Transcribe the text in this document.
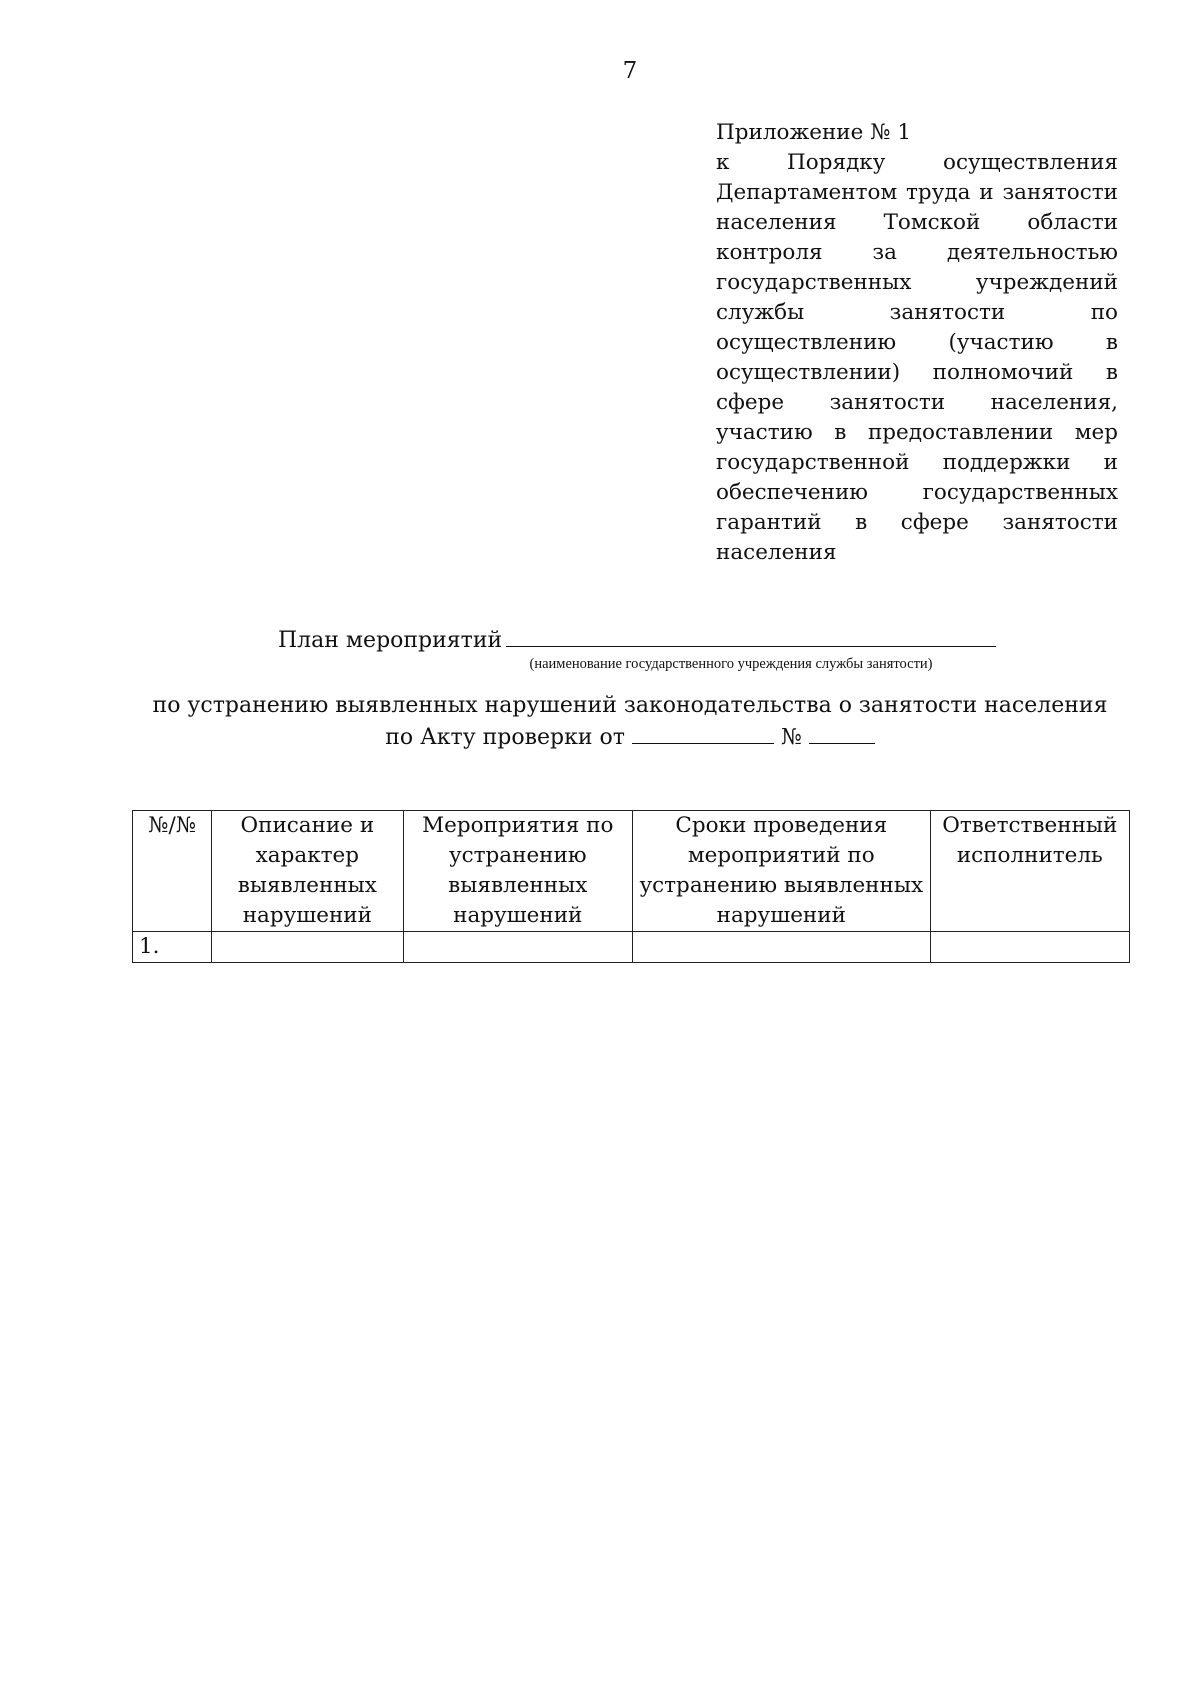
7
Приложение № 1
к Порядку осуществления Департаментом труда и занятости населения Томской области контроля за деятельностью государственных учреждений службы занятости по осуществлению (участию в осуществлении) полномочий в сфере занятости населения, участию в предоставлении мер государственной поддержки и обеспечению государственных гарантий в сфере занятости населения
План мероприятий
(наименование государственного учреждения службы занятости)
по устранению выявленных нарушений законодательства о занятости населения
по Акту проверки от	№
№/№	Описание и характер выявленных нарушений	Мероприятия по устранению выявленных нарушений	Сроки проведения мероприятий по устранению выявленных нарушений	Ответственный исполнитель
1.				
